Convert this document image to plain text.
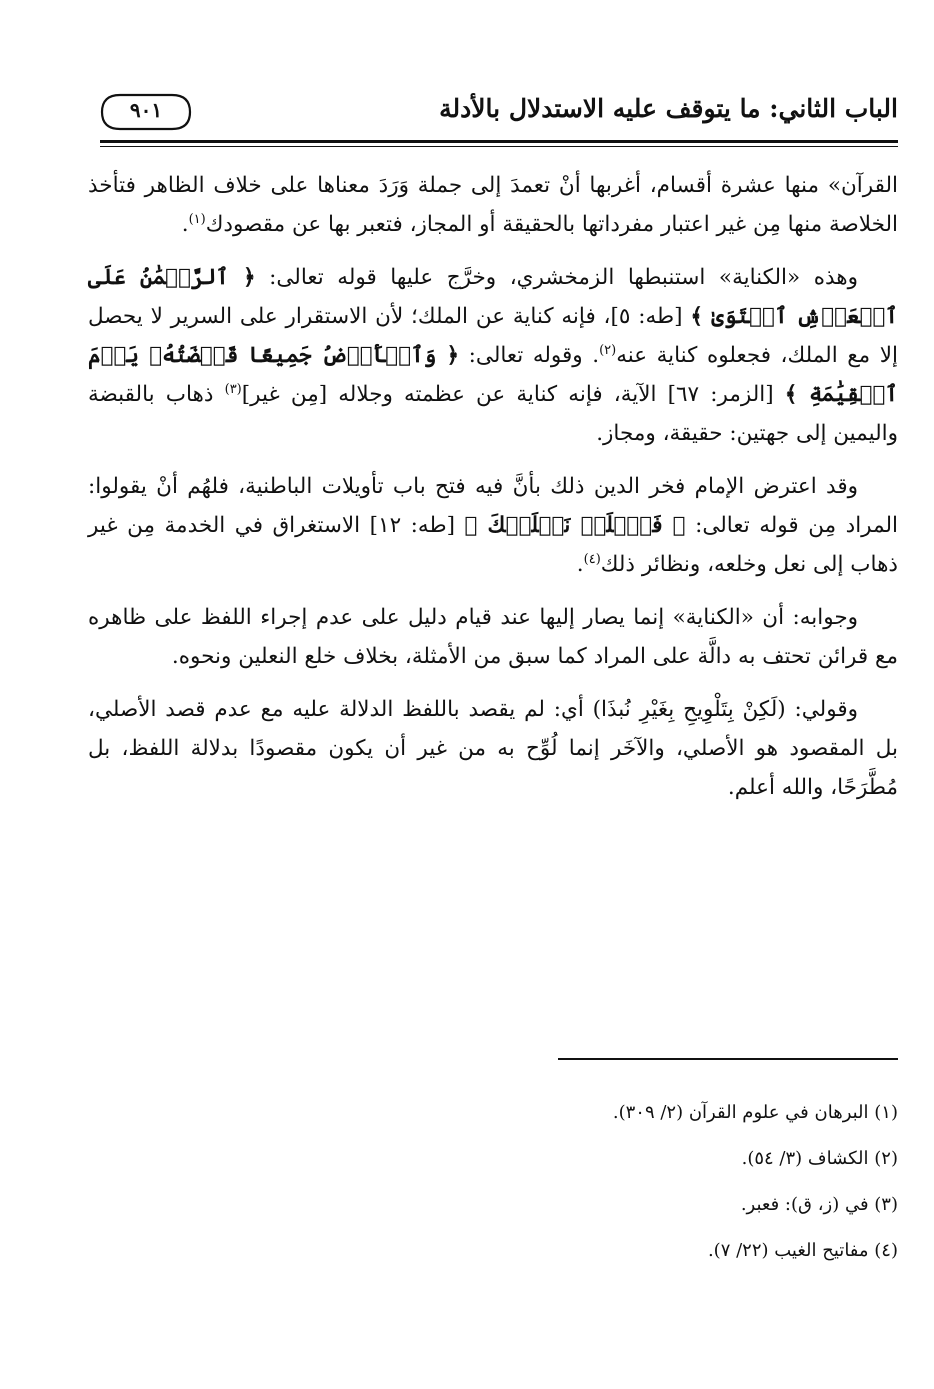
الباب الثاني: ما يتوقف عليه الاستدلال بالأدلة
٩٠١

القرآن» منها عشرة أقسام، أغربها أنْ تعمدَ إلى جملة وَرَدَ معناها على خلاف الظاهر فتأخذ الخلاصة منها مِن غير اعتبار مفرداتها بالحقيقة أو المجاز، فتعبر بها عن مقصودك$^{(١)}$.

وهذه «الكناية» استنبطها الزمخشري، وخرَّج عليها قوله تعالى: ﴿ ٱلرَّحۡمَٰنُ عَلَى ٱلۡعَرۡشِ ٱسۡتَوَىٰ ﴾ [طه: ٥]، فإنه كناية عن الملك؛ لأن الاستقرار على السرير لا يحصل إلا مع الملك، فجعلوه كناية عنه$^{(٢)}$. وقوله تعالى: ﴿ وَٱلۡأَرۡضُ جَمِيعًا قَبۡضَتُهُۥ يَوۡمَ ٱلۡقِيَٰمَةِ ﴾ [الزمر: ٦٧] الآية، فإنه كناية عن عظمته وجلاله [مِن غير]$^{(٣)}$ ذهاب بالقبضة واليمين إلى جهتين: حقيقة، ومجاز.

وقد اعترض الإمام فخر الدين ذلك بأنَّ فيه فتح باب تأويلات الباطنية، فلهُم أنْ يقولوا: المراد مِن قوله تعالى: ﴿ فَٱخۡلَعۡ نَعۡلَيۡكَ ﴾ [طه: ١٢] الاستغراق في الخدمة مِن غير ذهاب إلى نعل وخلعه، ونظائر ذلك$^{(٤)}$.

وجوابه: أن «الكناية» إنما يصار إليها عند قيام دليل على عدم إجراء اللفظ على ظاهره مع قرائن تحتف به دالَّة على المراد كما سبق من الأمثلة، بخلاف خلع النعلين ونحوه.

وقولي: (لَكِنْ بِتَلْوِيحِ بِغَيْرِ نُبذَا) أي: لم يقصد باللفظ الدلالة عليه مع عدم قصد الأصلي، بل المقصود هو الأصلي، والآخَر إنما لُوِّح به من غير أن يكون مقصودًا بدلالة اللفظ، بل مُطَّرَحًا، والله أعلم.

(١) البرهان في علوم القرآن (٢/ ٣٠٩).
(٢) الكشاف (٣/ ٥٤).
(٣) في (ز، ق): فعبر.
(٤) مفاتيح الغيب (٢٢/ ٧).
